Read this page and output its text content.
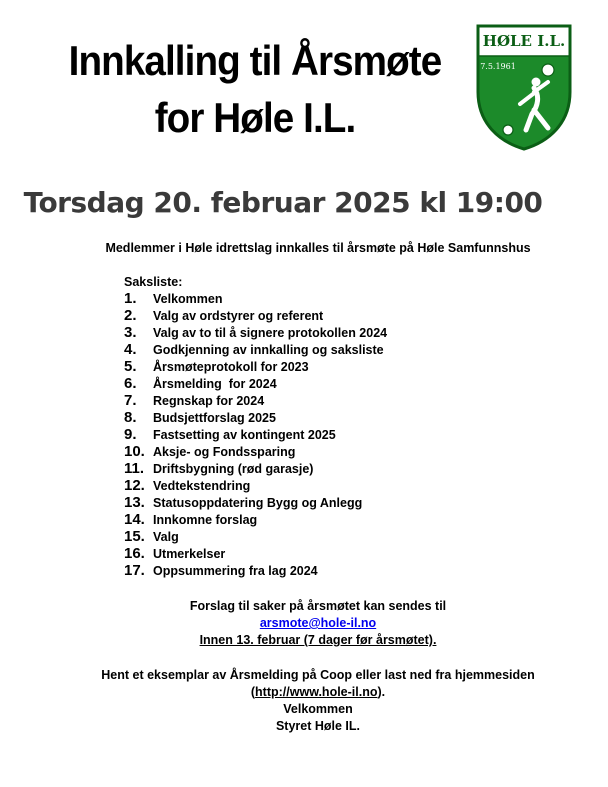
Innkalling til Årsmøte
for Høle I.L.
HØLE I.L.
7.5.1961
Torsdag 20. februar 2025 kl 19:00
Medlemmer i Høle idrettslag innkalles til årsmøte på Høle Samfunnshus
Saksliste:
1.	Velkommen
2.	Valg av ordstyrer og referent
3.	Valg av to til å signere protokollen 2024
4.	Godkjenning av innkalling og saksliste
5.	Årsmøteprotokoll for 2023
6.	Årsmelding  for 2024
7.	Regnskap for 2024
8.	Budsjettforslag 2025
9.	Fastsetting av kontingent 2025
10. Aksje- og Fondssparing
11. Driftsbygning (rød garasje)
12. Vedtekstendring
13. Statusoppdatering Bygg og Anlegg
14. Innkomne forslag
15. Valg
16. Utmerkelser
17. Oppsummering fra lag 2024
Forslag til saker på årsmøtet kan sendes til
arsmote@hole-il.no
Innen 13. februar (7 dager før årsmøtet).
Hent et eksemplar av Årsmelding på Coop eller last ned fra hjemmesiden
(http://www.hole-il.no).
Velkommen
Styret Høle IL.
